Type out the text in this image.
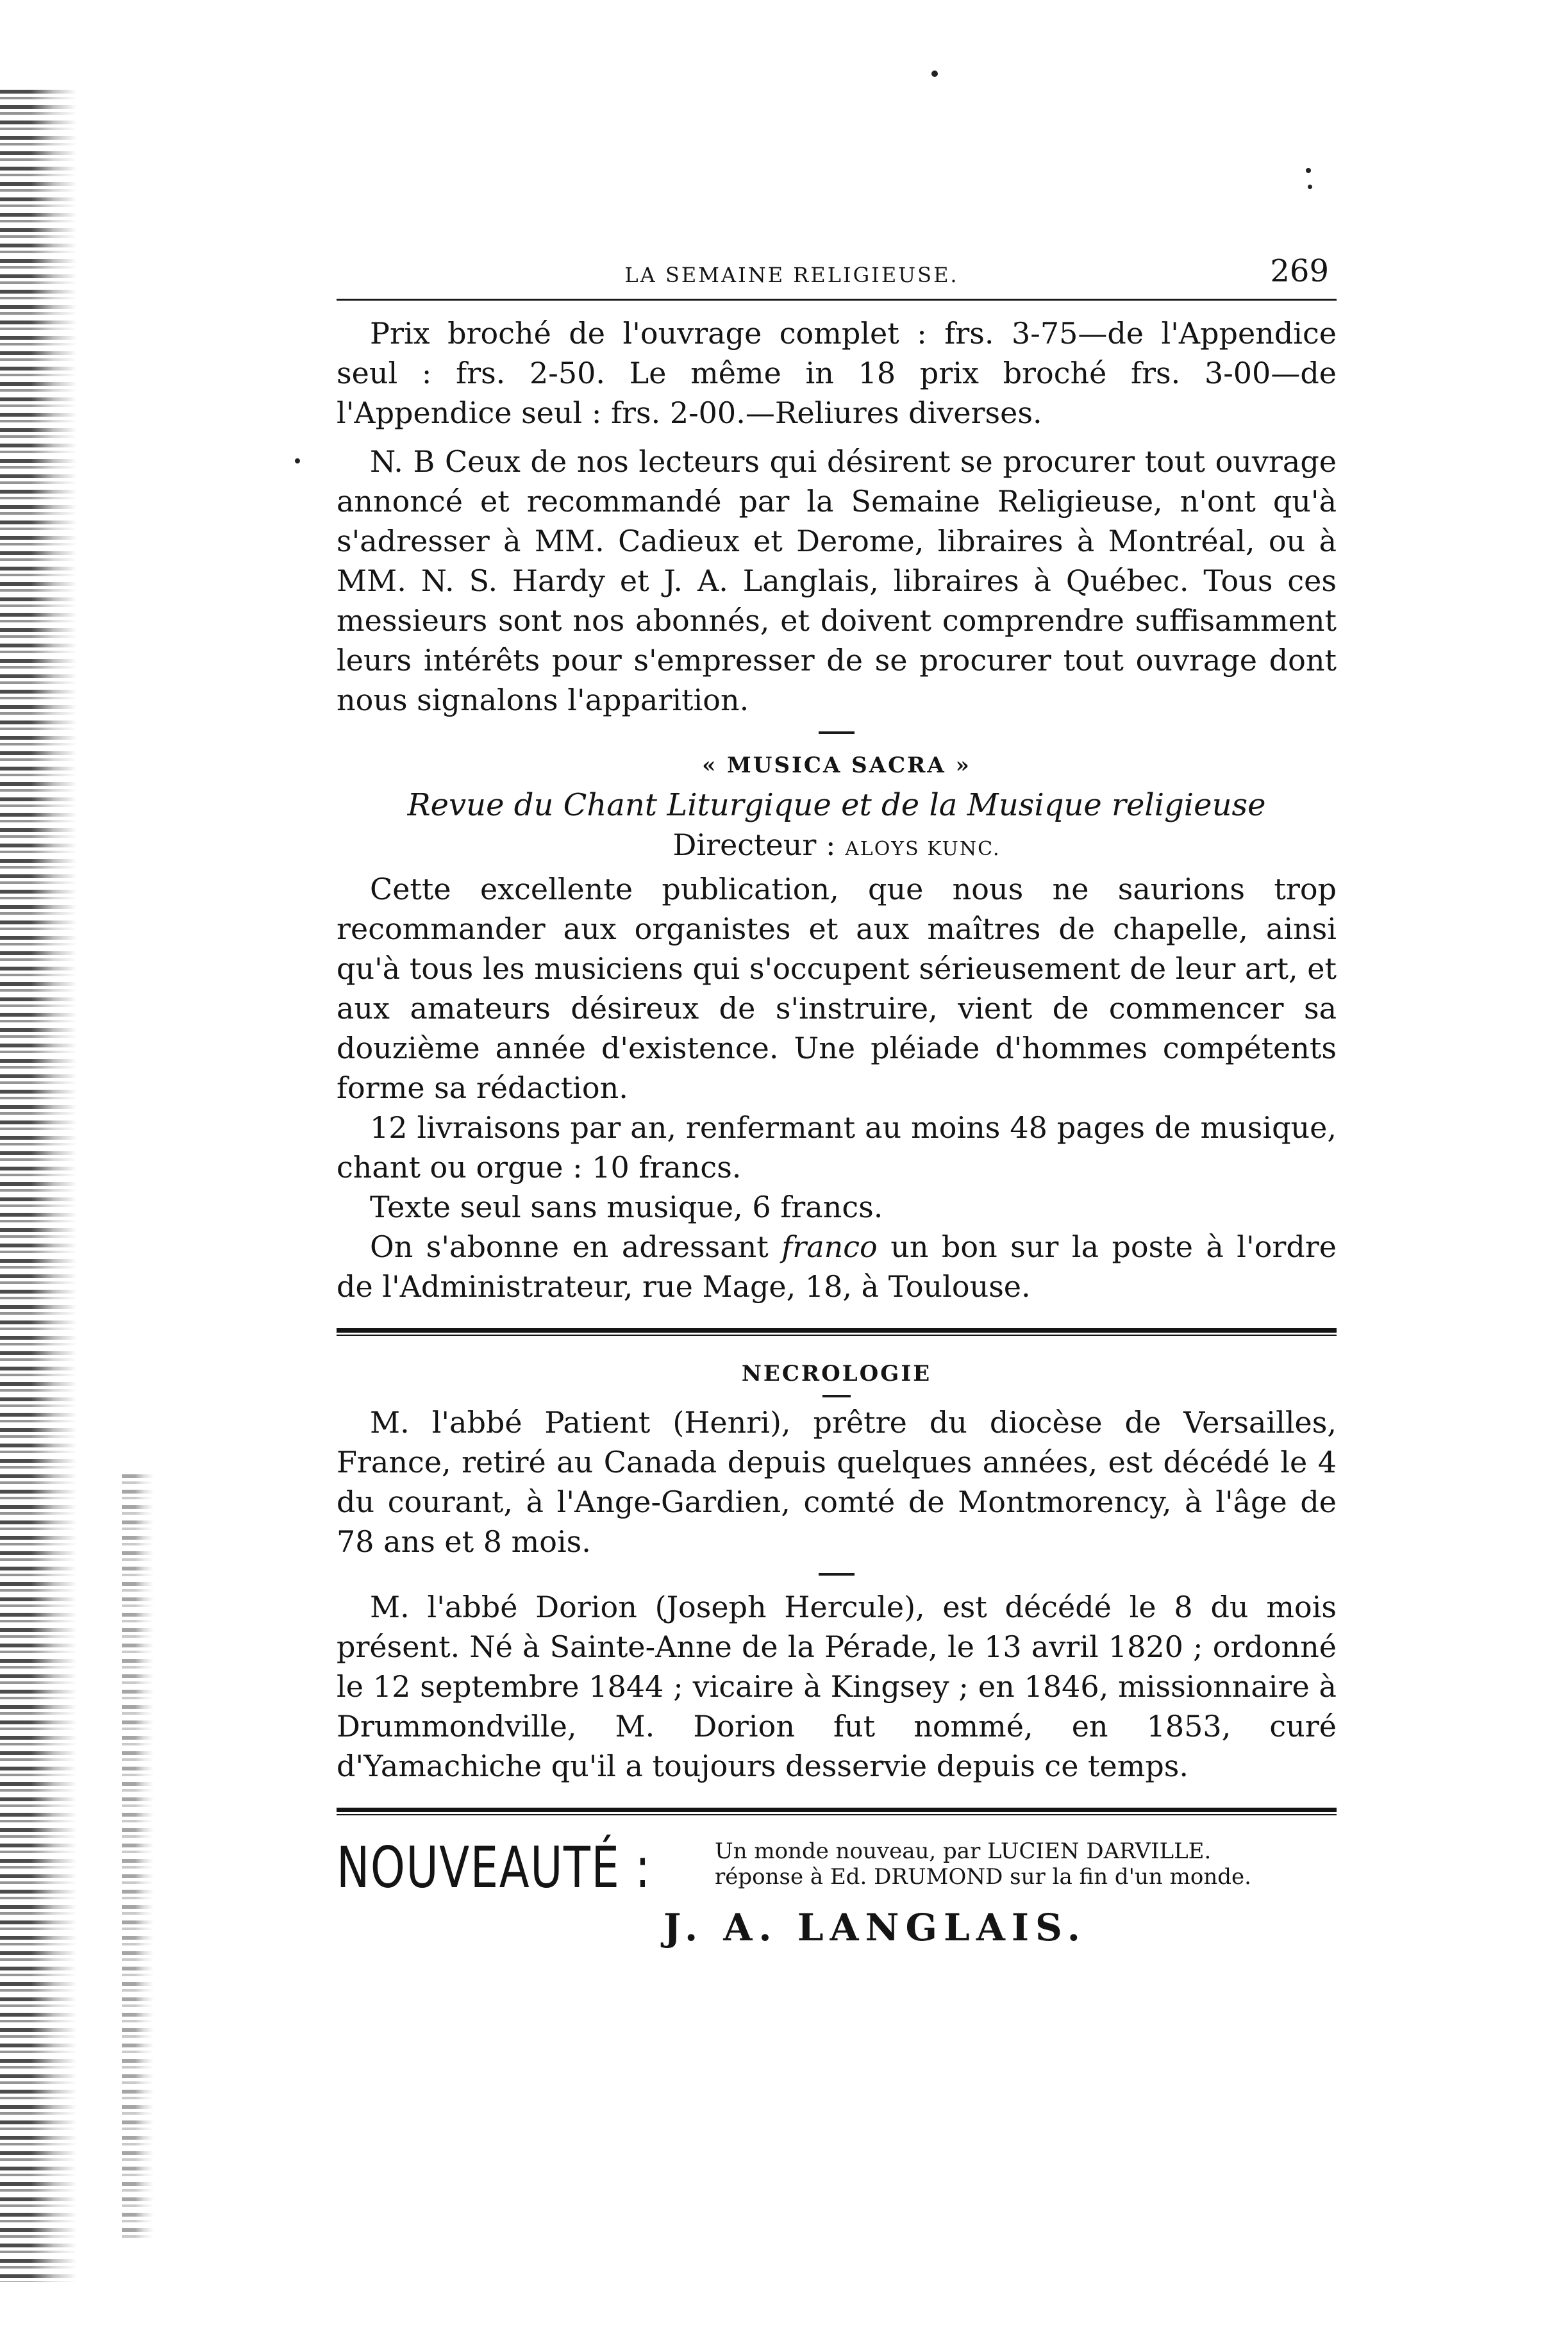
LA SEMAINE RELIGIEUSE.	269

Prix broché de l'ouvrage complet : frs. 3-75—de l'Appendice seul : frs. 2-50. Le même in 18 prix broché frs. 3-00—de l'Appendice seul : frs. 2-00.—Reliures diverses.

N. B Ceux de nos lecteurs qui désirent se procurer tout ouvrage annoncé et recommandé par la Semaine Religieuse, n'ont qu'à s'adresser à MM. Cadieux et Derome, libraires à Montréal, ou à MM. N. S. Hardy et J. A. Langlais, libraires à Québec. Tous ces messieurs sont nos abonnés, et doivent comprendre suffisamment leurs intérêts pour s'empresser de se procurer tout ouvrage dont nous signalons l'apparition.

« MUSICA SACRA »

Revue du Chant Liturgique et de la Musique religieuse

Directeur : ALOYS KUNC.

Cette excellente publication, que nous ne saurions trop recommander aux organistes et aux maîtres de chapelle, ainsi qu'à tous les musiciens qui s'occupent sérieusement de leur art, et aux amateurs désireux de s'instruire, vient de commencer sa douzième année d'existence. Une pléiade d'hommes compétents forme sa rédaction.

12 livraisons par an, renfermant au moins 48 pages de musique, chant ou orgue : 10 francs.

Texte seul sans musique, 6 francs.

On s'abonne en adressant franco un bon sur la poste à l'ordre de l'Administrateur, rue Mage, 18, à Toulouse.

NECROLOGIE

M. l'abbé Patient (Henri), prêtre du diocèse de Versailles, France, retiré au Canada depuis quelques années, est décédé le 4 du courant, à l'Ange-Gardien, comté de Montmorency, à l'âge de 78 ans et 8 mois.

M. l'abbé Dorion (Joseph Hercule), est décédé le 8 du mois présent. Né à Sainte-Anne de la Pérade, le 13 avril 1820 ; ordonné le 12 septembre 1844 ; vicaire à Kingsey ; en 1846, missionnaire à Drummondville, M. Dorion fut nommé, en 1853, curé d'Yamachiche qu'il a toujours desservie depuis ce temps.

NOUVEAUTÉ :	Un monde nouveau, par LUCIEN DARVILLE.
réponse à Ed. DRUMOND sur la fin d'un monde.
J. A. LANGLAIS.
